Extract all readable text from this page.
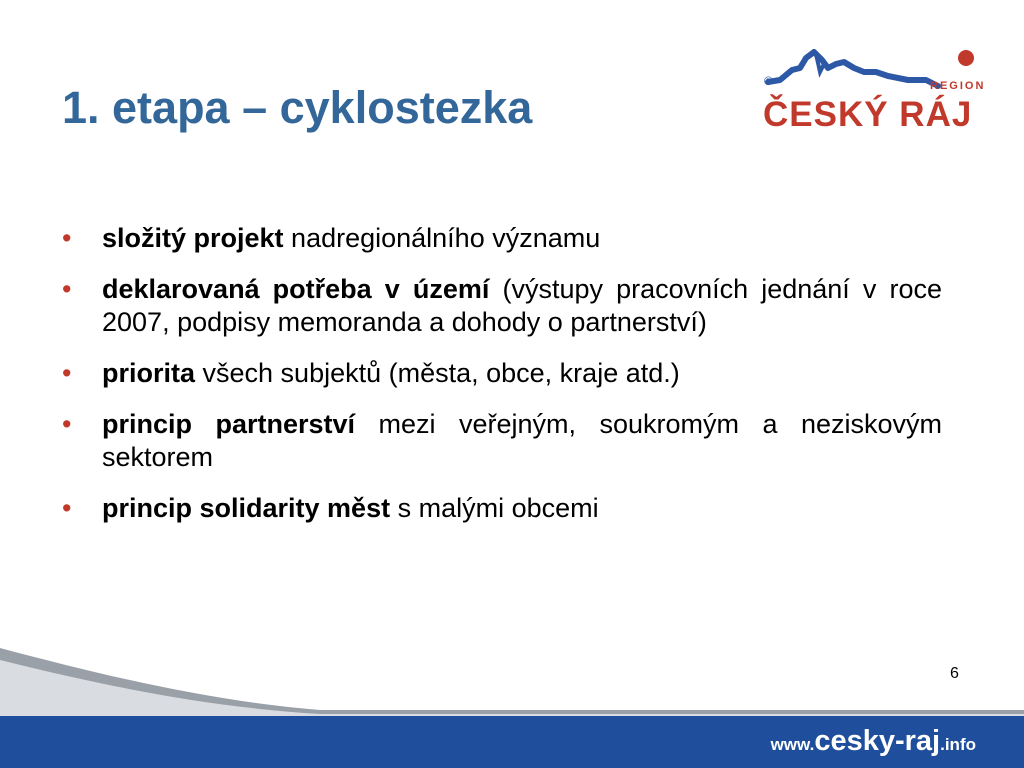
1. etapa – cyklostezka
®	REGION
ČESKÝ RÁJ
• složitý projekt nadregionálního významu
• deklarovaná potřeba v území (výstupy pracovních jednání v roce 2007, podpisy memoranda a dohody o partnerství)
• priorita všech subjektů (města, obce, kraje atd.)
• princip partnerství mezi veřejným, soukromým a neziskovým sektorem
• princip solidarity měst s malými obcemi
6
www.cesky-raj.info
